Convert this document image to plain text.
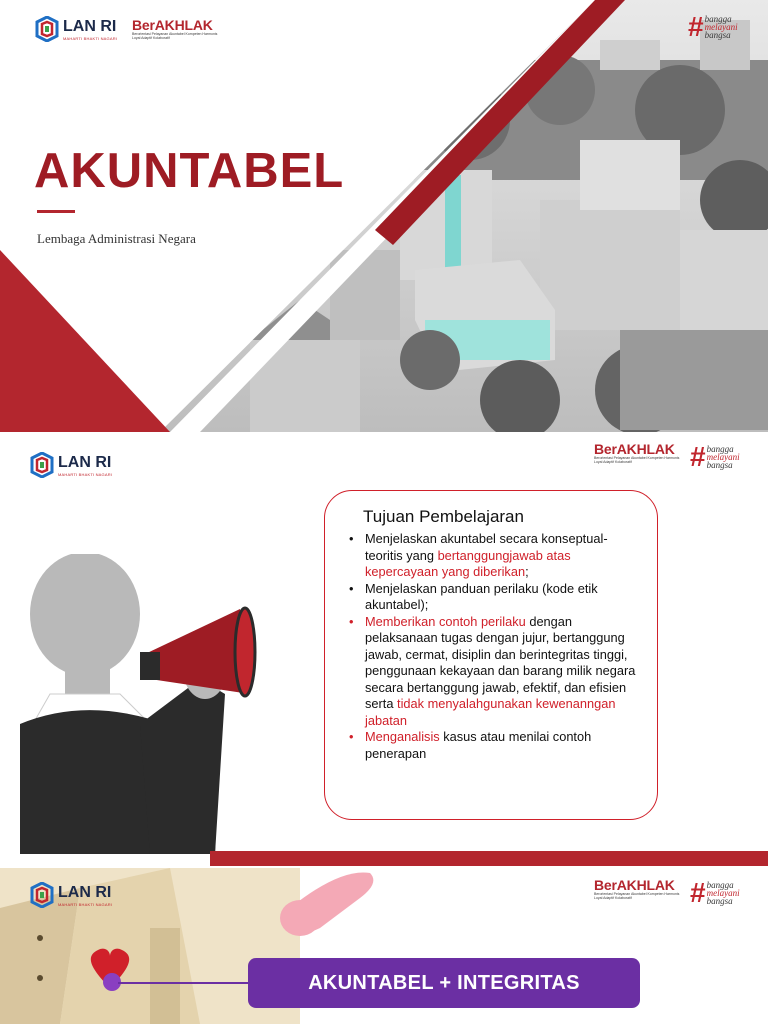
LAN RI
MAHARTI BHAKTI NAGARI
BerAKHLAK
Berorientasi Pelayanan Akuntabel Kompeten Harmonis Loyal Adaptif Kolaboratif	# bangga
melayani
bangsa
AKUNTABEL
Lembaga Administrasi Negara
LAN RI
MAHARTI BHAKTI NAGARI
BerAKHLAK
Berorientasi Pelayanan Akuntabel Kompeten Harmonis Loyal Adaptif Kolaboratif	# bangga
melayani
bangsa
Tujuan Pembelajaran
• Menjelaskan akuntabel secara konseptual-teoritis yang bertanggungjawab atas kepercayaan yang diberikan;
• Menjelaskan panduan perilaku (kode etik akuntabel);
• Memberikan contoh perilaku dengan pelaksanaan tugas dengan jujur, bertanggung jawab, cermat, disiplin dan berintegritas tinggi, penggunaan kekayaan dan barang milik negara secara bertanggung jawab, efektif, dan efisien serta tidak menyalahgunakan kewenanngan jabatan
• Menganalisis kasus atau menilai contoh penerapan
LAN RI
MAHARTI BHAKTI NAGARI
BerAKHLAK
Berorientasi Pelayanan Akuntabel Kompeten Harmonis Loyal Adaptif Kolaboratif	# bangga
melayani
bangsa
AKUNTABEL + INTEGRITAS
